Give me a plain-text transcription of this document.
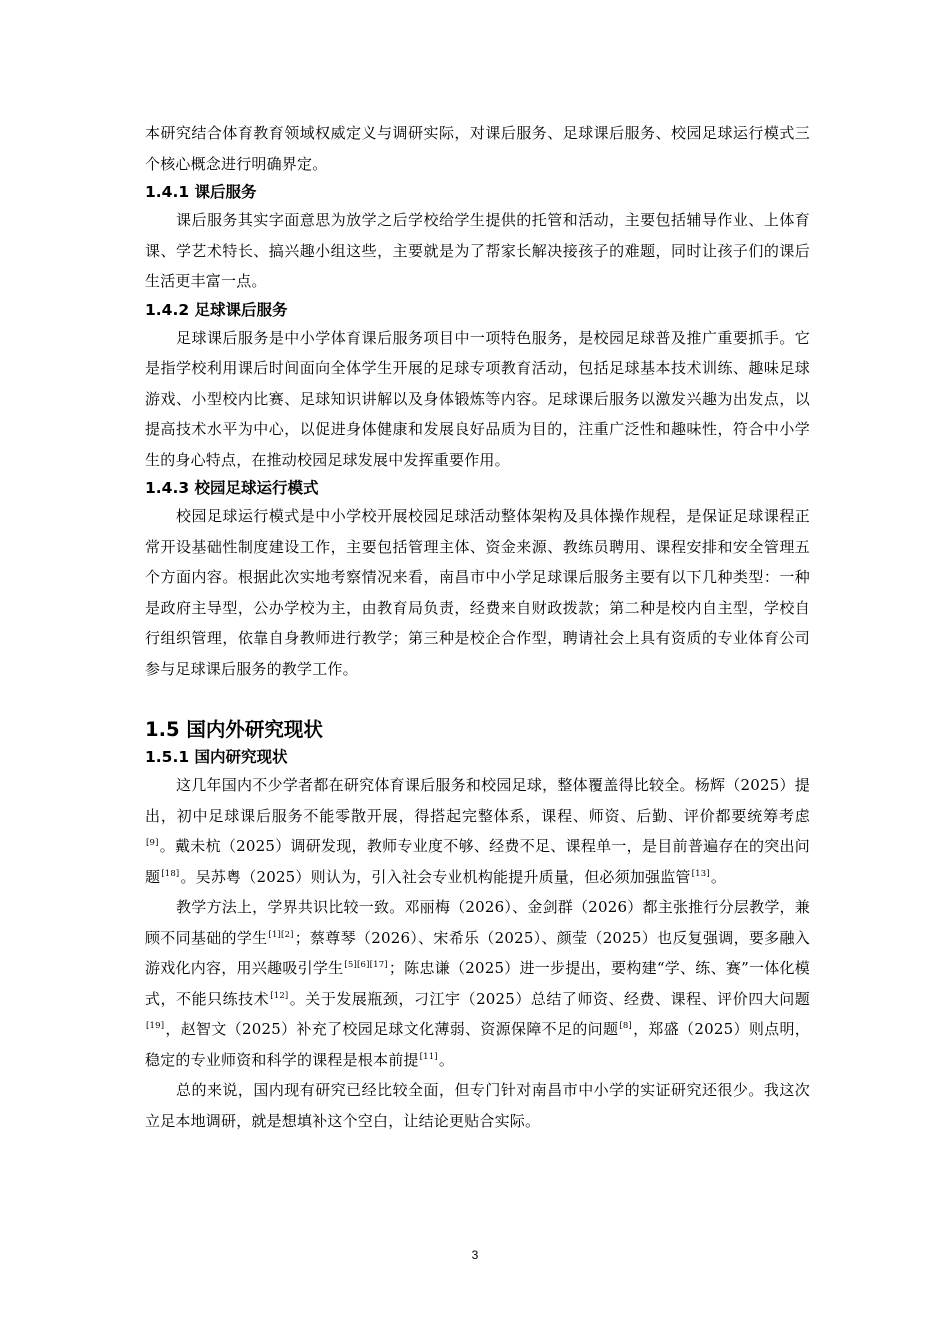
本研究结合体育教育领域权威定义与调研实际，对课后服务、足球课后服务、校园足球运行模式三个核心概念进行明确界定。

1.4.1 课后服务

课后服务其实字面意思为放学之后学校给学生提供的托管和活动，主要包括辅导作业、上体育课、学艺术特长、搞兴趣小组这些，主要就是为了帮家长解决接孩子的难题，同时让孩子们的课后生活更丰富一点。

1.4.2 足球课后服务

足球课后服务是中小学体育课后服务项目中一项特色服务，是校园足球普及推广重要抓手。它是指学校利用课后时间面向全体学生开展的足球专项教育活动，包括足球基本技术训练、趣味足球游戏、小型校内比赛、足球知识讲解以及身体锻炼等内容。足球课后服务以激发兴趣为出发点，以提高技术水平为中心，以促进身体健康和发展良好品质为目的，注重广泛性和趣味性，符合中小学生的身心特点，在推动校园足球发展中发挥重要作用。

1.4.3 校园足球运行模式

校园足球运行模式是中小学校开展校园足球活动整体架构及具体操作规程，是保证足球课程正常开设基础性制度建设工作，主要包括管理主体、资金来源、教练员聘用、课程安排和安全管理五个方面内容。根据此次实地考察情况来看，南昌市中小学足球课后服务主要有以下几种类型：一种是政府主导型，公办学校为主，由教育局负责，经费来自财政拨款；第二种是校内自主型，学校自行组织管理，依靠自身教师进行教学；第三种是校企合作型，聘请社会上具有资质的专业体育公司参与足球课后服务的教学工作。

1.5 国内外研究现状
1.5.1 国内研究现状

这几年国内不少学者都在研究体育课后服务和校园足球，整体覆盖得比较全。杨辉（2025）提出，初中足球课后服务不能零散开展，得搭起完整体系，课程、师资、后勤、评价都要统筹考虑[9]。戴未杭（2025）调研发现，教师专业度不够、经费不足、课程单一，是目前普遍存在的突出问题[18]。吴苏粤（2025）则认为，引入社会专业机构能提升质量，但必须加强监管[13]。

教学方法上，学界共识比较一致。邓丽梅（2026）、金剑群（2026）都主张推行分层教学，兼顾不同基础的学生[1][2]；蔡尊琴（2026）、宋希乐（2025）、颜莹（2025）也反复强调，要多融入游戏化内容，用兴趣吸引学生[5][6][17]；陈忠谦（2025）进一步提出，要构建“学、练、赛”一体化模式，不能只练技术[12]。关于发展瓶颈，刁江宇（2025）总结了师资、经费、课程、评价四大问题[19]，赵智文（2025）补充了校园足球文化薄弱、资源保障不足的问题[8]，郑盛（2025）则点明，稳定的专业师资和科学的课程是根本前提[11]。

总的来说，国内现有研究已经比较全面，但专门针对南昌市中小学的实证研究还很少。我这次立足本地调研，就是想填补这个空白，让结论更贴合实际。

3
